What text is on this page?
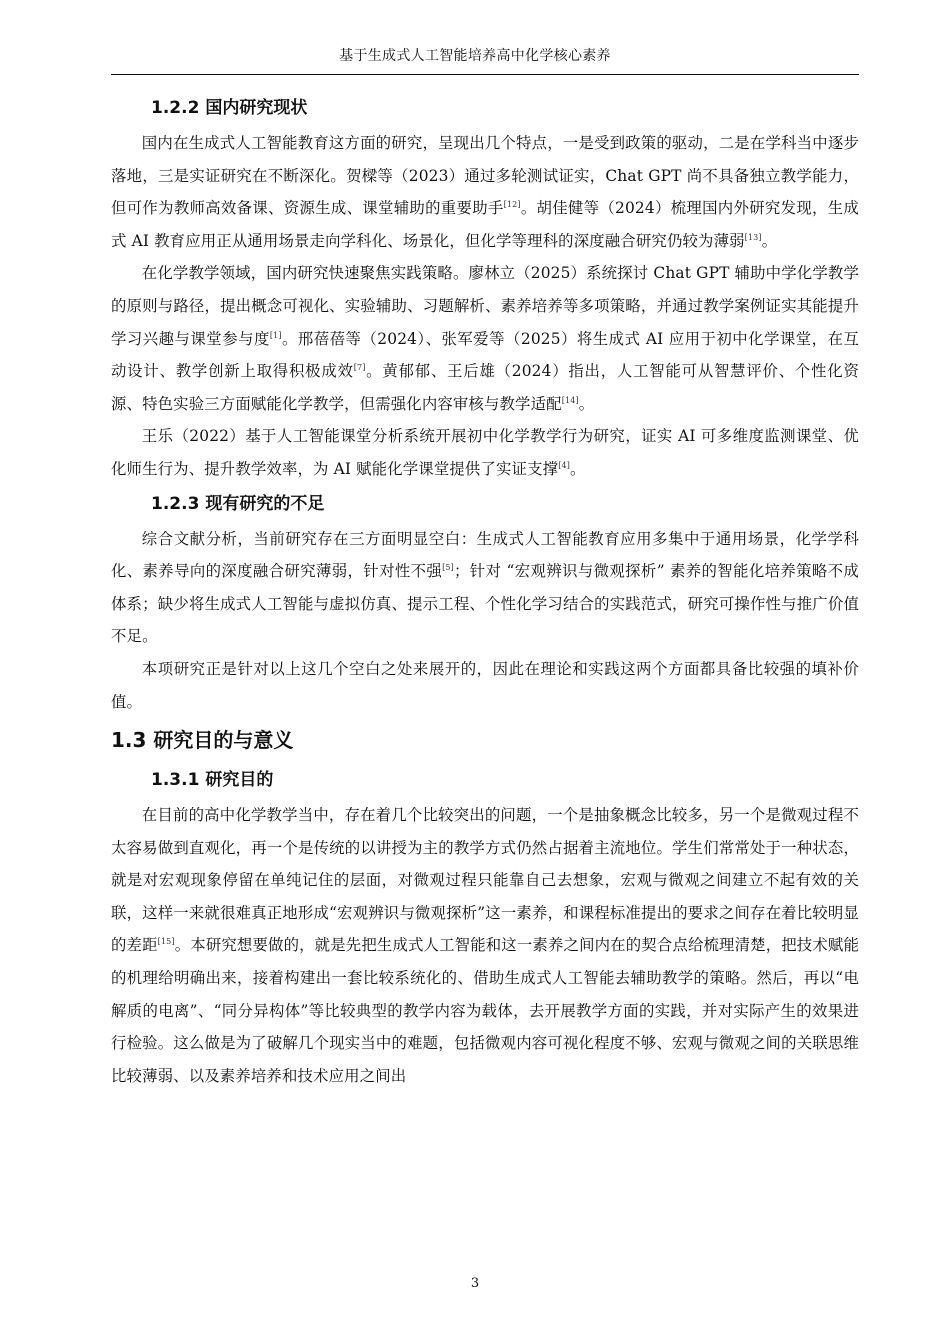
基于生成式人工智能培养高中化学核心素养
1.2.2 国内研究现状

国内在生成式人工智能教育这方面的研究，呈现出几个特点，一是受到政策的驱动，二是在学科当中逐步落地，三是实证研究在不断深化。贺樑等（2023）通过多轮测试证实，Chat GPT 尚不具备独立教学能力，但可作为教师高效备课、资源生成、课堂辅助的重要助手[12]。胡佳健等（2024）梳理国内外研究发现，生成式 AI 教育应用正从通用场景走向学科化、场景化，但化学等理科的深度融合研究仍较为薄弱[13]。

在化学教学领域，国内研究快速聚焦实践策略。廖林立（2025）系统探讨 Chat GPT 辅助中学化学教学的原则与路径，提出概念可视化、实验辅助、习题解析、素养培养等多项策略，并通过教学案例证实其能提升学习兴趣与课堂参与度[1]。邢蓓蓓等（2024）、张军爱等（2025）将生成式 AI 应用于初中化学课堂，在互动设计、教学创新上取得积极成效[7]。黄郁郁、王后雄（2024）指出，人工智能可从智慧评价、个性化资源、特色实验三方面赋能化学教学，但需强化内容审核与教学适配[14]。

王乐（2022）基于人工智能课堂分析系统开展初中化学教学行为研究，证实 AI 可多维度监测课堂、优化师生行为、提升教学效率，为 AI 赋能化学课堂提供了实证支撑[4]。

1.2.3 现有研究的不足

综合文献分析，当前研究存在三方面明显空白：生成式人工智能教育应用多集中于通用场景，化学学科化、素养导向的深度融合研究薄弱，针对性不强[5]；针对 “宏观辨识与微观探析” 素养的智能化培养策略不成体系；缺少将生成式人工智能与虚拟仿真、提示工程、个性化学习结合的实践范式，研究可操作性与推广价值不足。

本项研究正是针对以上这几个空白之处来展开的，因此在理论和实践这两个方面都具备比较强的填补价值。

1.3 研究目的与意义
1.3.1 研究目的

在目前的高中化学教学当中，存在着几个比较突出的问题，一个是抽象概念比较多，另一个是微观过程不太容易做到直观化，再一个是传统的以讲授为主的教学方式仍然占据着主流地位。学生们常常处于一种状态，就是对宏观现象停留在单纯记住的层面，对微观过程只能靠自己去想象，宏观与微观之间建立不起有效的关联，这样一来就很难真正地形成“宏观辨识与微观探析”这一素养，和课程标准提出的要求之间存在着比较明显的差距[15]。本研究想要做的，就是先把生成式人工智能和这一素养之间内在的契合点给梳理清楚，把技术赋能的机理给明确出来，接着构建出一套比较系统化的、借助生成式人工智能去辅助教学的策略。然后，再以“电解质的电离”、“同分异构体”等比较典型的教学内容为载体，去开展教学方面的实践，并对实际产生的效果进行检验。这么做是为了破解几个现实当中的难题，包括微观内容可视化程度不够、宏观与微观之间的关联思维比较薄弱、以及素养培养和技术应用之间出

3
